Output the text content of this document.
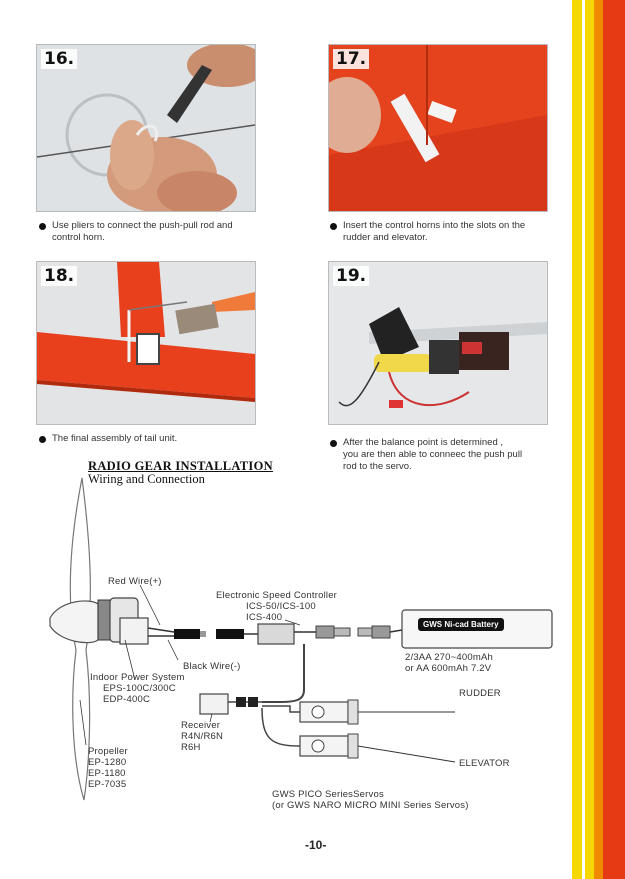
16.
Use pliers to connect the push-pull rod and
control horn.
17.
Insert the control horns into the slots on the
rudder and elevator.
18.
The final assembly of tail unit.
19.
After the balance point is determined ,
you are then able to conneec the push pull
rod to the servo.
RADIO GEAR INSTALLATION
Wiring and Connection
GWS Ni-cad Battery
Red Wire(+)
Electronic Speed Controller
ICS-50/ICS-100
ICS-400
2/3AA 270~400mAh
or AA 600mAh 7.2V
Black Wire(-)
Indoor Power System
EPS-100C/300C
EDP-400C
RUDDER
Receiver
R4N/R6N
R6H
Propeller
EP-1280
EP-1180
EP-7035
ELEVATOR
GWS PICO SeriesServos
(or GWS NARO MICRO MINI Series Servos)
-10-
